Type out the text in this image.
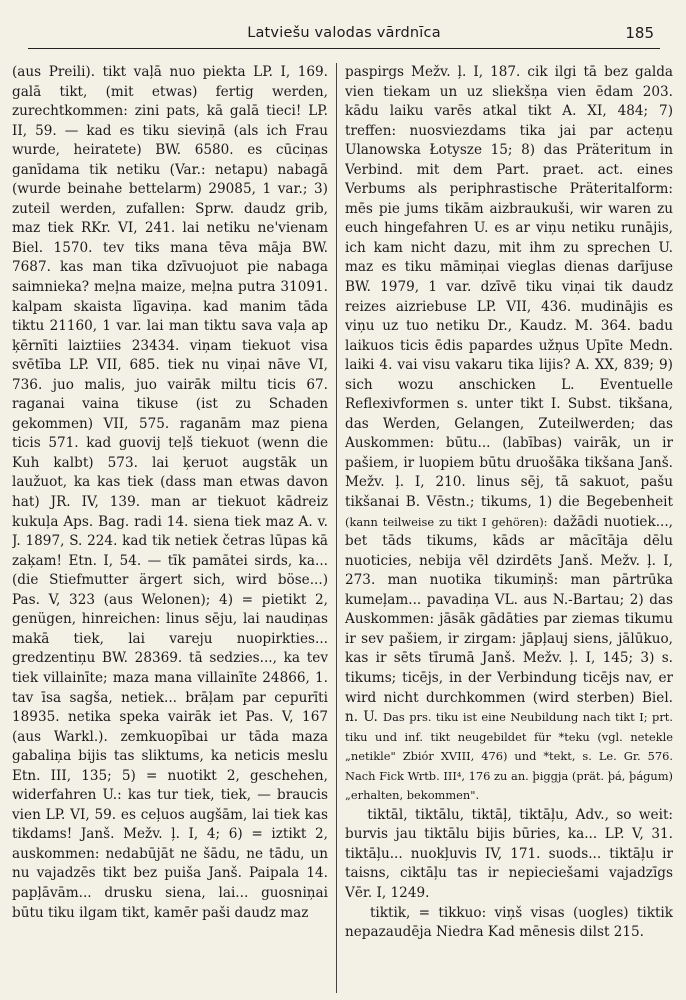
Latviešu valodas vārdnīca	185

(aus Preili). tikt vaļā nuo piekta LP. I, 169. galā tikt, (mit etwas) fertig werden, zurechtkommen: zini pats, kā galā tieci! LP. II, 59. — kad es tiku sieviņā (als ich Frau wurde, heiratete) BW. 6580. es cūciņas ganīdama tik netiku (Var.: netapu) nabagā (wurde beinahe bettelarm) 29085, 1 var.; 3) zuteil werden, zufallen: Sprw. daudz grib, maz tiek RKr. VI, 241. lai netiku ne'vienam Biel. 1570. tev tiks mana tēva māja BW. 7687. kas man tika dzīvuojuot pie nabaga saimnieka? meļna maize, meļna putra 31091. kalpam skaista līgaviņa. kad manim tāda tiktu 21160, 1 var. lai man tiktu sava vaļa ap ķērnīti laiztiies 23434. viņam tiekuot visa svētība LP. VII, 685. tiek nu viņai nāve VI, 736. juo malis, juo vairāk miltu ticis 67. raganai vaina tikuse (ist zu Schaden gekommen) VII, 575. raganām maz piena ticis 571. kad guovij teļš tiekuot (wenn die Kuh kalbt) 573. lai ķeruot augstāk un laužuot, ka kas tiek (dass man etwas davon hat) JR. IV, 139. man ar tiekuot kādreiz kukuļa Aps. Bag. radi 14. siena tiek maz A. v. J. 1897, S. 224. kad tik netiek četras lūpas kā zaķam! Etn. I, 54. — tīk pamātei sirds, ka... (die Stiefmutter ärgert sich, wird böse...) Pas. V, 323 (aus Welonen); 4) = pietikt 2, genügen, hinreichen: linus sēju, lai naudiņas makā tiek, lai vareju nuopirkties... gredzentiņu BW. 28369. tā sedzies..., ka tev tiek villainīte; maza mana villainīte 24866, 1. tav īsa sagša, netiek... brāļam par cepurīti 18935. netika speka vairāk iet Pas. V, 167 (aus Warkl.). zemkuopībai ur tāda maza gabaliņa bijis tas sliktums, ka neticis meslu Etn. III, 135; 5) = nuotikt 2, geschehen, widerfahren U.: kas tur tiek, tiek, — braucis vien LP. VI, 59. es ceļuos augšām, lai tiek kas tikdams! Janš. Mežv. ļ. I, 4; 6) = iztikt 2, auskommen: nedabūjāt ne šādu, ne tādu, un nu vajadzēs tikt bez puiša Janš. Paipala 14. papļāvām... drusku siena, lai... guosniņai būtu tiku ilgam tikt, kamēr paši daudz maz

paspirgs Mežv. ļ. I, 187. cik ilgi tā bez galda vien tiekam un uz sliekšņa vien ēdam 203. kādu laiku varēs atkal tikt A. XI, 484; 7) treffen: nuosviezdams tika jai par acteņu Ulanowska Łotysze 15; 8) das Präteritum in Verbind. mit dem Part. praet. act. eines Verbums als periphrastische Präteritalform: mēs pie jums tikām aizbraukuši, wir waren zu euch hingefahren U. es ar viņu netiku runājis, ich kam nicht dazu, mit ihm zu sprechen U. maz es tiku māmiņai vieglas dienas darījuse BW. 1979, 1 var. dzīvē tiku viņai tik daudz reizes aizriebuse LP. VII, 436. mudinājis es viņu uz tuo netiku Dr., Kaudz. M. 364. badu laikuos ticis ēdis papardes užņus Upīte Medn. laiki 4. vai visu vakaru tika lijis? A. XX, 839; 9) sich wozu anschicken L. Eventuelle Reflexivformen s. unter tikt I. Subst. tikšana, das Werden, Gelangen, Zuteilwerden; das Auskommen: būtu... (labības) vairāk, un ir pašiem, ir luopiem būtu druošāka tikšana Janš. Mežv. ļ. I, 210. linus sēj, tā sakuot, pašu tikšanai B. Vēstn.; tikums, 1) die Begebenheit (kann teilweise zu tikt I gehören): dažādi nuotiek..., bet tāds tikums, kāds ar mācītāja dēlu nuoticies, nebija vēl dzirdēts Janš. Mežv. ļ. I, 273. man nuotika tikumiņš: man pārtrūka kumeļam... pavadiņa VL. aus N.-Bartau; 2) das Auskommen: jāsāk gādāties par ziemas tikumu ir sev pašiem, ir zirgam: jāpļauj siens, jālūkuo, kas ir sēts tīrumā Janš. Mežv. ļ. I, 145; 3) s. tikums; ticējs, in der Verbindung ticējs nav, er wird nicht durchkommen (wird sterben) Biel. n. U. Das prs. tiku ist eine Neubildung nach tikt I; prt. tiku und inf. tikt neugebildet für *teku (vgl. netekle „netikle" Zbiór XVIII, 476) und *tekt, s. Le. Gr. 576. Nach Fick Wrtb. III⁴, 176 zu an. þiggja (prät. þá, þágum) „erhalten, bekommen".

tiktāl, tiktālu, tiktāļ, tiktāļu, Adv., so weit: burvis jau tiktālu bijis būries, ka... LP. V, 31. tiktāļu... nuokļuvis IV, 171. suods... tiktāļu ir taisns, ciktāļu tas ir nepieciešami vajadzīgs Vēr. I, 1249.

tiktik, = tikkuo: viņš visas (uogles) tiktik nepazaudēja Niedra Kad mēnesis dilst 215.
